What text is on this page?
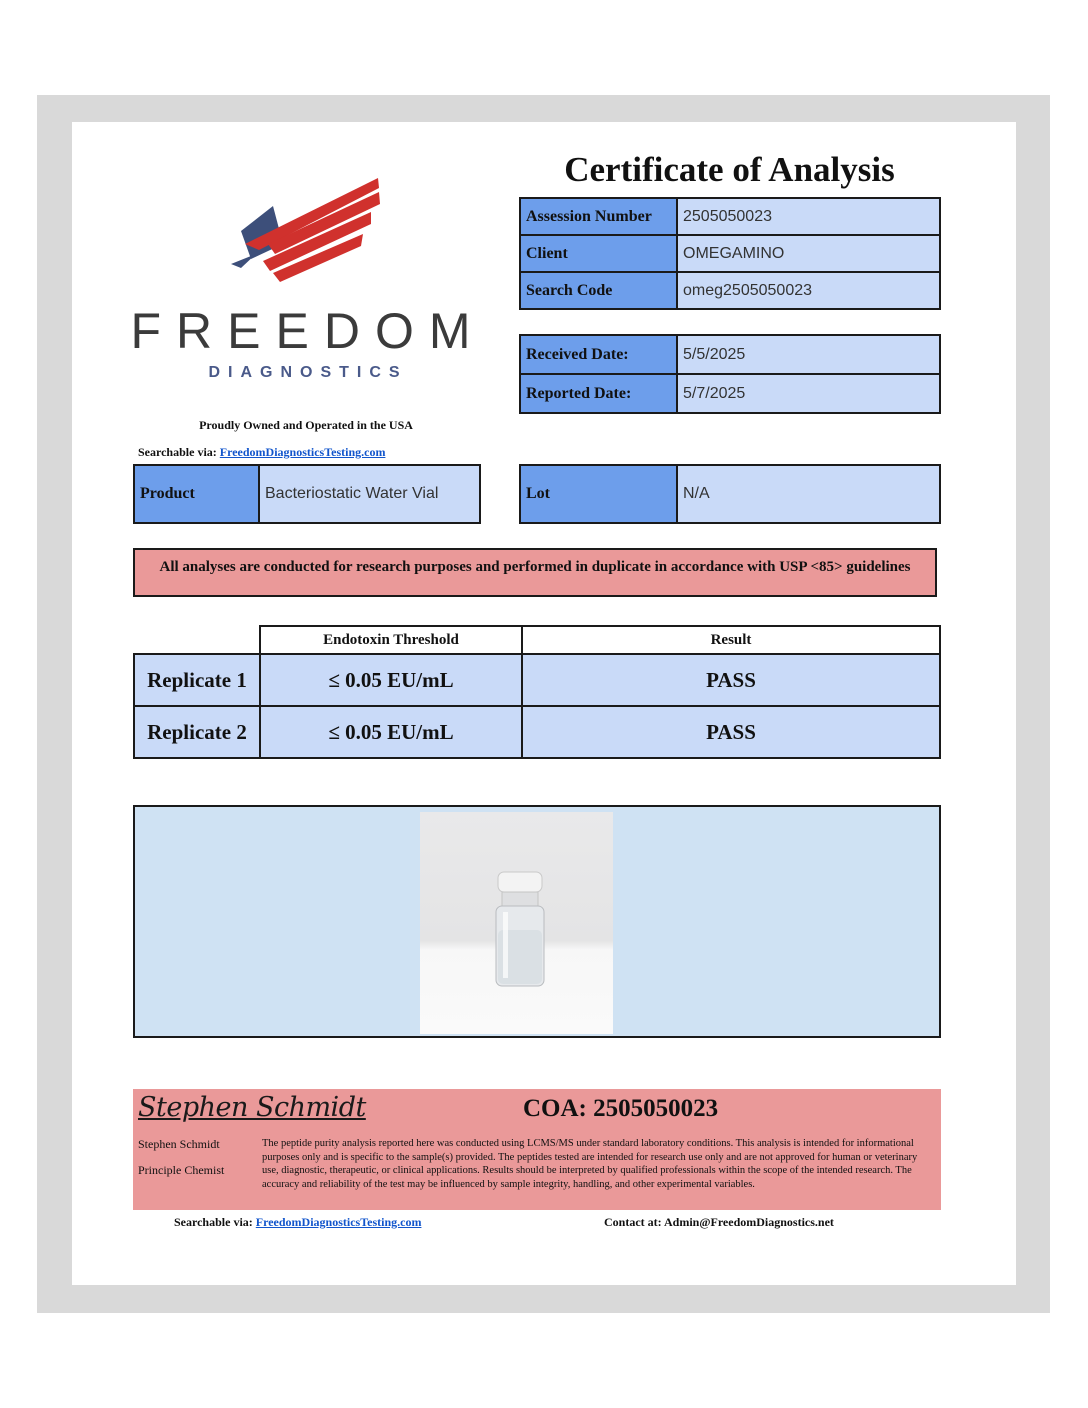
FREEDOM
DIAGNOSTICS
Proudly Owned and Operated in the USA
Searchable via: FreedomDiagnosticsTesting.com
Certificate of Analysis
Assession Number	2505050023
Client	OMEGAMINO
Search Code	omeg2505050023
Received Date:	5/5/2025
Reported Date:	5/7/2025
Product	Bacteriostatic Water Vial	Lot	N/A
All analyses are conducted for research purposes and performed in duplicate in accordance with USP <85> guidelines
	Endotoxin Threshold	Result
Replicate 1	≤ 0.05 EU/mL	PASS
Replicate 2	≤ 0.05 EU/mL	PASS
Stephen Schmidt	COA: 2505050023
Stephen Schmidt
Principle Chemist
The peptide purity analysis reported here was conducted using LCMS/MS under standard laboratory conditions. This analysis is intended for informational purposes only and is specific to the sample(s) provided. The peptides tested are intended for research use only and are not approved for human or veterinary use, diagnostic, therapeutic, or clinical applications. Results should be interpreted by qualified professionals within the scope of the intended research. The accuracy and reliability of the test may be influenced by sample integrity, handling, and other experimental variables.
Searchable via: FreedomDiagnosticsTesting.com	Contact at: Admin@FreedomDiagnostics.net
